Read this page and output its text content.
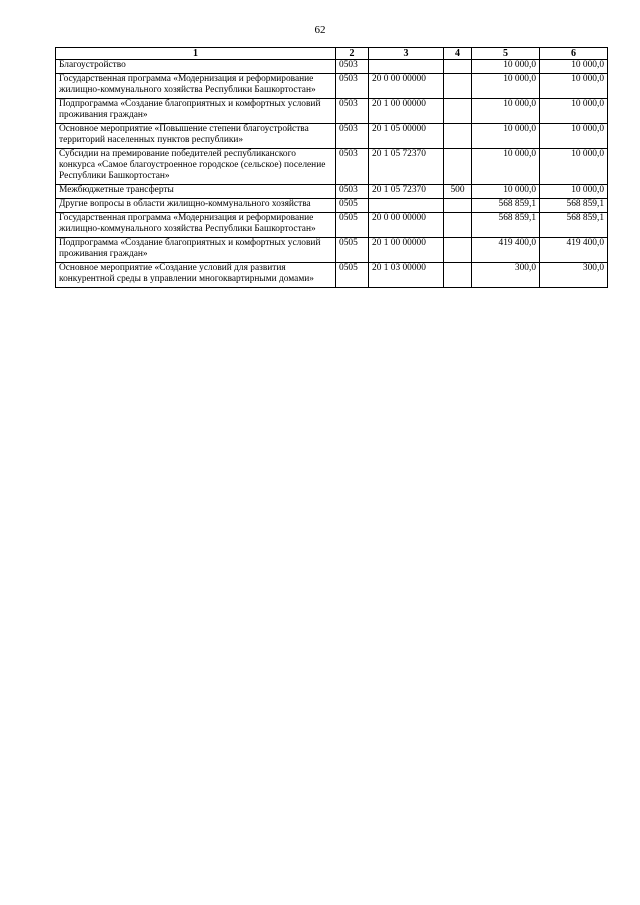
62
1	2	3	4	5	6
Благоустройство	0503			10 000,0	10 000,0
Государственная программа «Модернизация и реформирование жилищно-коммунального хозяйства Республики Башкортостан»	0503	20 0 00 00000		10 000,0	10 000,0
Подпрограмма «Создание благоприятных и комфортных условий проживания граждан»	0503	20 1 00 00000		10 000,0	10 000,0
Основное мероприятие «Повышение степени благоустройства территорий населенных пунктов республики»	0503	20 1 05 00000		10 000,0	10 000,0
Субсидии на премирование победителей республиканского конкурса «Самое благоустроенное городское (сельское) поселение Республики Башкортостан»	0503	20 1 05 72370		10 000,0	10 000,0
Межбюджетные трансферты	0503	20 1 05 72370	500	10 000,0	10 000,0
Другие вопросы в области жилищно-коммунального хозяйства	0505			568 859,1	568 859,1
Государственная программа «Модернизация и реформирование жилищно-коммунального хозяйства Республики Башкортостан»	0505	20 0 00 00000		568 859,1	568 859,1
Подпрограмма «Создание благоприятных и комфортных условий проживания граждан»	0505	20 1 00 00000		419 400,0	419 400,0
Основное мероприятие «Создание условий для развития конкурентной среды в управлении многоквартирными домами»	0505	20 1 03 00000		300,0	300,0
